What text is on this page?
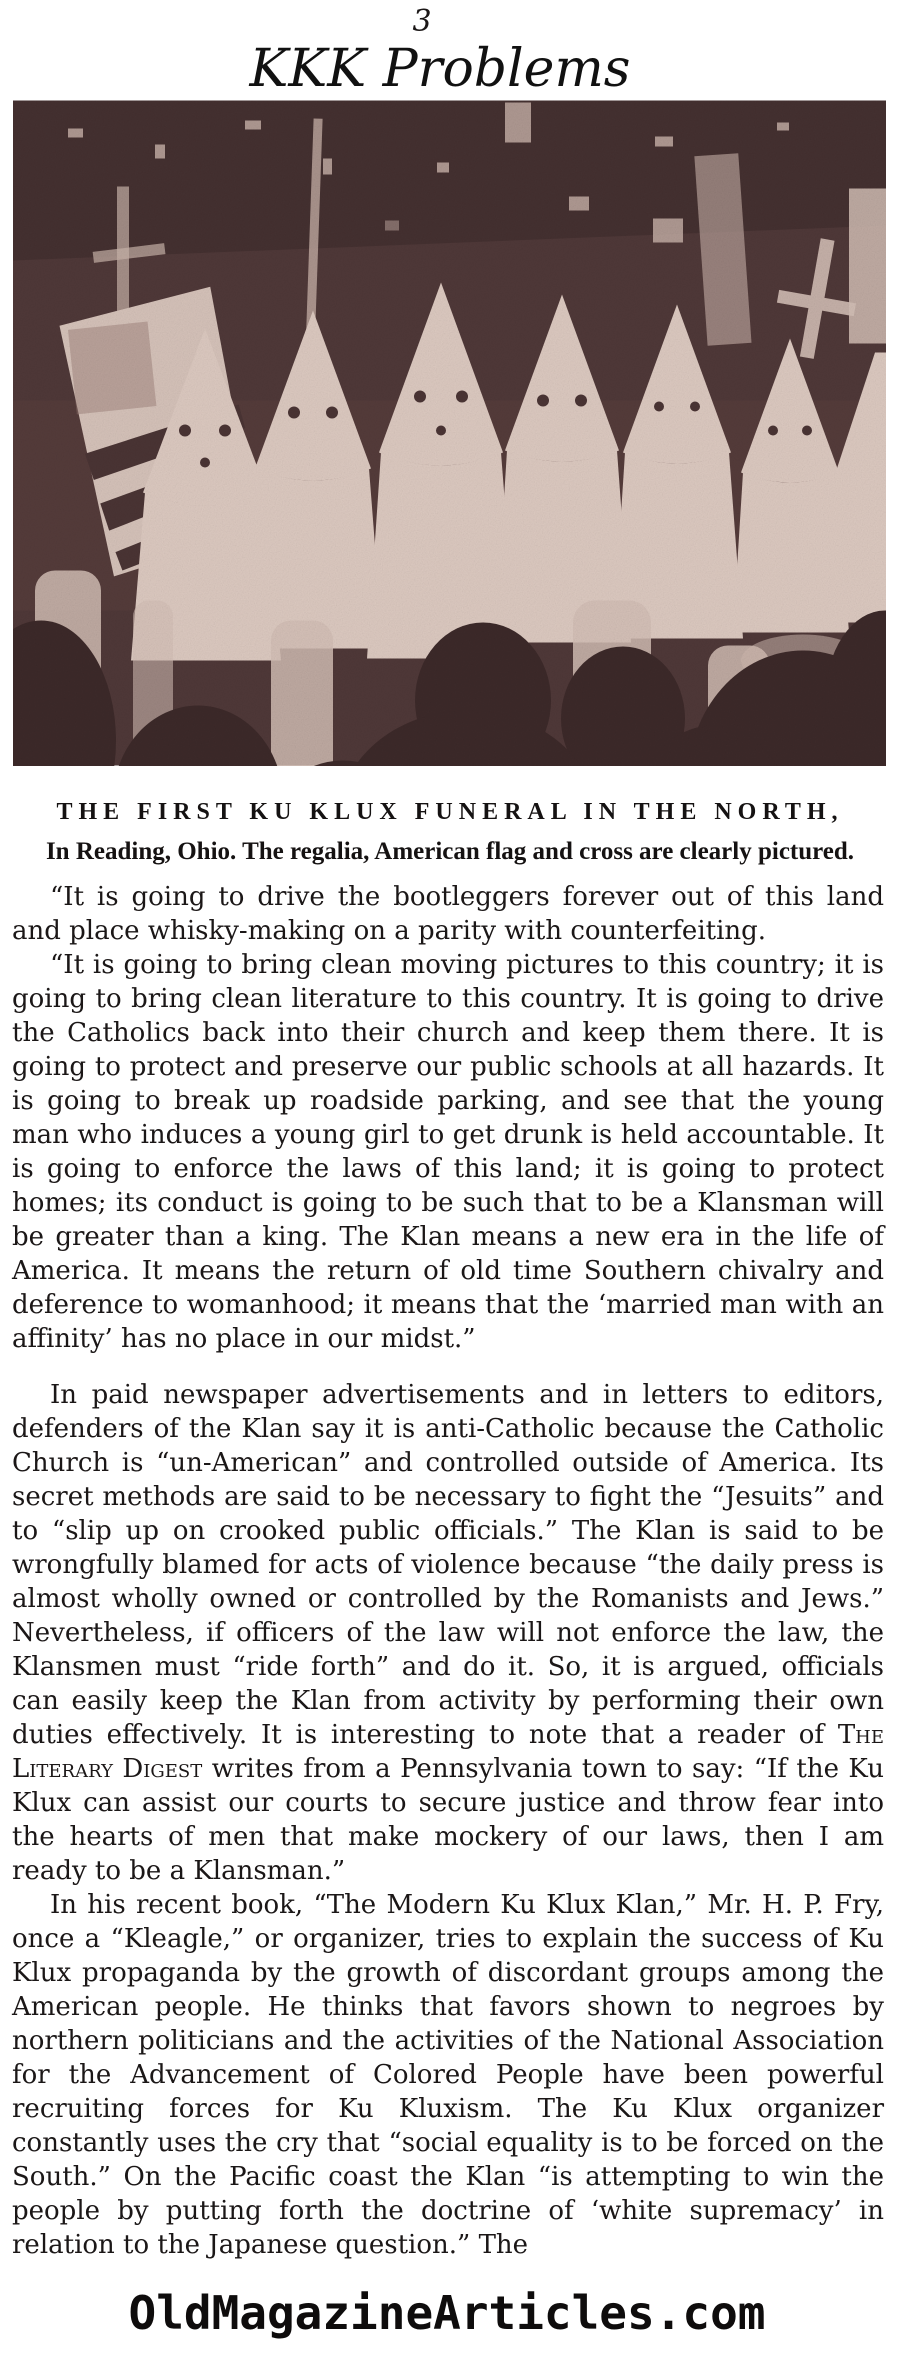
3
KKK Problems
THE FIRST KU KLUX FUNERAL IN THE NORTH,
In Reading, Ohio. The regalia, American flag and cross are clearly pictured.

“It is going to drive the bootleggers forever out of this land and place whisky-making on a parity with counterfeiting.

“It is going to bring clean moving pictures to this country; it is going to bring clean literature to this country. It is going to drive the Catholics back into their church and keep them there. It is going to protect and preserve our public schools at all hazards. It is going to break up roadside parking, and see that the young man who induces a young girl to get drunk is held accountable. It is going to enforce the laws of this land; it is going to protect homes; its conduct is going to be such that to be a Klansman will be greater than a king. The Klan means a new era in the life of America. It means the return of old time Southern chivalry and deference to womanhood; it means that the ‘married man with an affinity’ has no place in our midst.”

In paid newspaper advertisements and in letters to editors, defenders of the Klan say it is anti-Catholic because the Catholic Church is “un-American” and controlled outside of America. Its secret methods are said to be necessary to fight the “Jesuits” and to “slip up on crooked public officials.” The Klan is said to be wrongfully blamed for acts of violence because “the daily press is almost wholly owned or controlled by the Romanists and Jews.” Nevertheless, if officers of the law will not enforce the law, the Klansmen must “ride forth” and do it. So, it is argued, officials can easily keep the Klan from activity by performing their own duties effectively. It is interesting to note that a reader of The Literary Digest writes from a Pennsylvania town to say: “If the Ku Klux can assist our courts to secure justice and throw fear into the hearts of men that make mockery of our laws, then I am ready to be a Klansman.”

In his recent book, “The Modern Ku Klux Klan,” Mr. H. P. Fry, once a “Kleagle,” or organizer, tries to explain the success of Ku Klux propaganda by the growth of discordant groups among the American people. He thinks that favors shown to negroes by northern politicians and the activities of the National Association for the Advancement of Colored People have been powerful recruiting forces for Ku Kluxism. The Ku Klux organizer constantly uses the cry that “social equality is to be forced on the South.” On the Pacific coast the Klan “is attempting to win the people by putting forth the doctrine of ‘white supremacy’ in relation to the Japanese question.” The

OldMagazineArticles.com
